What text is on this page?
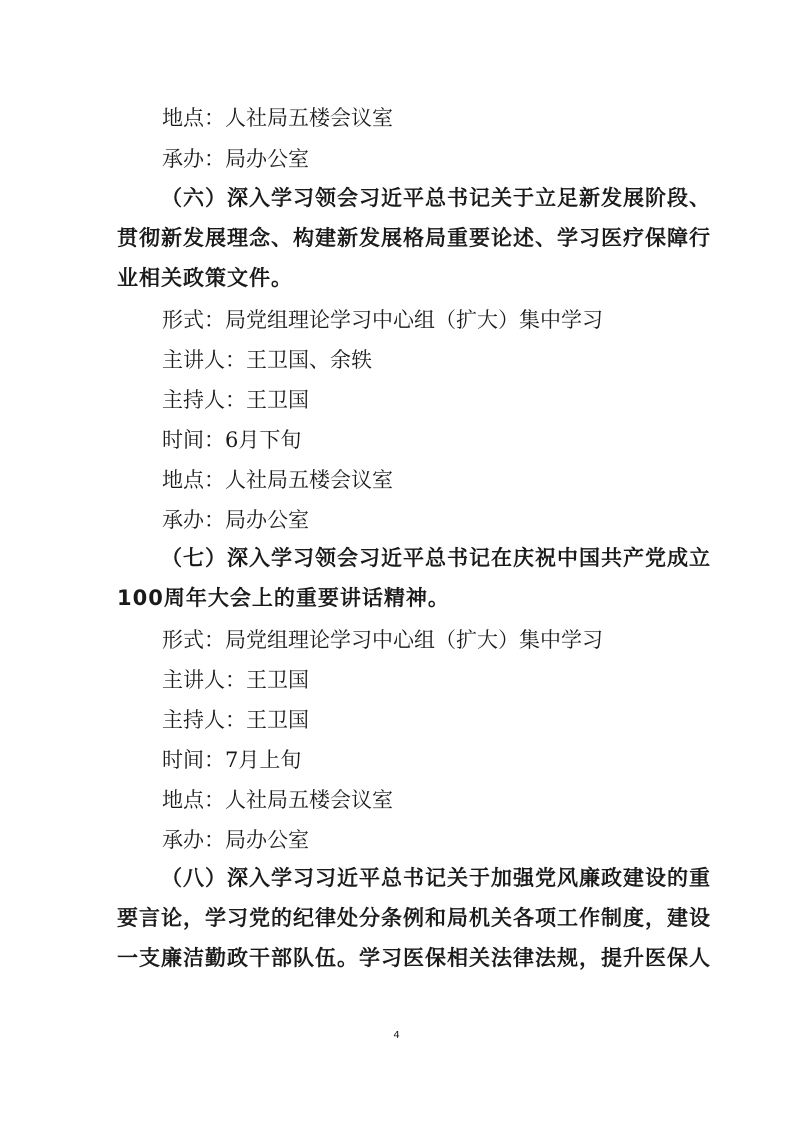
地点：人社局五楼会议室
承办：局办公室
（六）深入学习领会习近平总书记关于立足新发展阶段、
贯彻新发展理念、构建新发展格局重要论述、学习医疗保障行
业相关政策文件。
形式：局党组理论学习中心组（扩大）集中学习
主讲人：王卫国、余轶
主持人：王卫国
时间：6月下旬
地点：人社局五楼会议室
承办：局办公室
（七）深入学习领会习近平总书记在庆祝中国共产党成立
100周年大会上的重要讲话精神。
形式：局党组理论学习中心组（扩大）集中学习
主讲人：王卫国
主持人：王卫国
时间：7月上旬
地点：人社局五楼会议室
承办：局办公室
（八）深入学习习近平总书记关于加强党风廉政建设的重
要言论，学习党的纪律处分条例和局机关各项工作制度，建设
一支廉洁勤政干部队伍。学习医保相关法律法规，提升医保人
4
